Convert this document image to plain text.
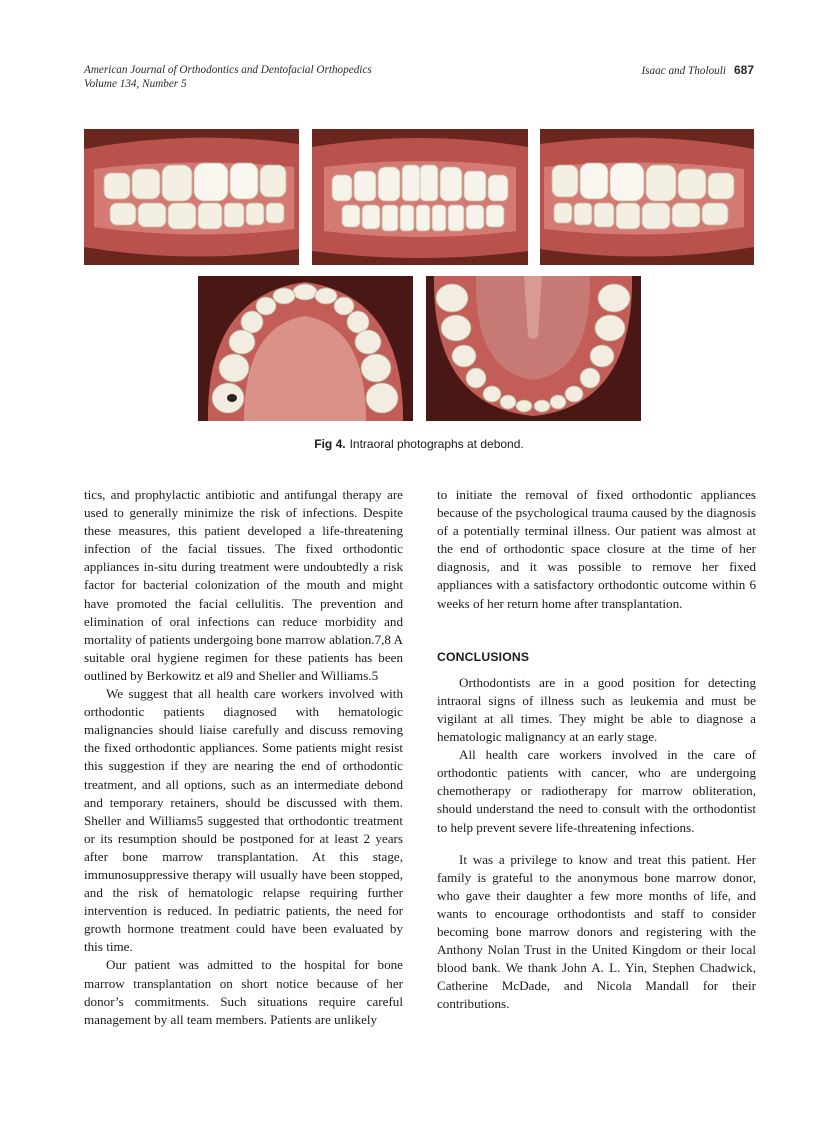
American Journal of Orthodontics and Dentofacial Orthopedics
Volume 134, Number 5
Isaac and Tholouli 687
Fig 4. Intraoral photographs at debond.

tics, and prophylactic antibiotic and antifungal therapy are used to generally minimize the risk of infections. Despite these measures, this patient developed a life-threatening infection of the facial tissues. The fixed orthodontic appliances in-situ during treatment were undoubtedly a risk factor for bacterial colonization of the mouth and might have promoted the facial cellulitis. The prevention and elimination of oral infections can reduce morbidity and mortality of patients undergoing bone marrow ablation.7,8 A suitable oral hygiene regimen for these patients has been outlined by Berkowitz et al9 and Sheller and Williams.5

We suggest that all health care workers involved with orthodontic patients diagnosed with hematologic malignancies should liaise carefully and discuss removing the fixed orthodontic appliances. Some patients might resist this suggestion if they are nearing the end of orthodontic treatment, and all options, such as an intermediate debond and temporary retainers, should be discussed with them. Sheller and Williams5 suggested that orthodontic treatment or its resumption should be postponed for at least 2 years after bone marrow transplantation. At this stage, immunosuppressive therapy will usually have been stopped, and the risk of hematologic relapse requiring further intervention is reduced. In pediatric patients, the need for growth hormone treatment could have been evaluated by this time.

Our patient was admitted to the hospital for bone marrow transplantation on short notice because of her donor’s commitments. Such situations require careful management by all team members. Patients are unlikely

to initiate the removal of fixed orthodontic appliances because of the psychological trauma caused by the diagnosis of a potentially terminal illness. Our patient was almost at the end of orthodontic space closure at the time of her diagnosis, and it was possible to remove her fixed appliances with a satisfactory orthodontic outcome within 6 weeks of her return home after transplantation.

CONCLUSIONS

Orthodontists are in a good position for detecting intraoral signs of illness such as leukemia and must be vigilant at all times. They might be able to diagnose a hematologic malignancy at an early stage.

All health care workers involved in the care of orthodontic patients with cancer, who are undergoing chemotherapy or radiotherapy for marrow obliteration, should understand the need to consult with the orthodontist to help prevent severe life-threatening infections.

It was a privilege to know and treat this patient. Her family is grateful to the anonymous bone marrow donor, who gave their daughter a few more months of life, and wants to encourage orthodontists and staff to consider becoming bone marrow donors and registering with the Anthony Nolan Trust in the United Kingdom or their local blood bank. We thank John A. L. Yin, Stephen Chadwick, Catherine McDade, and Nicola Mandall for their contributions.
